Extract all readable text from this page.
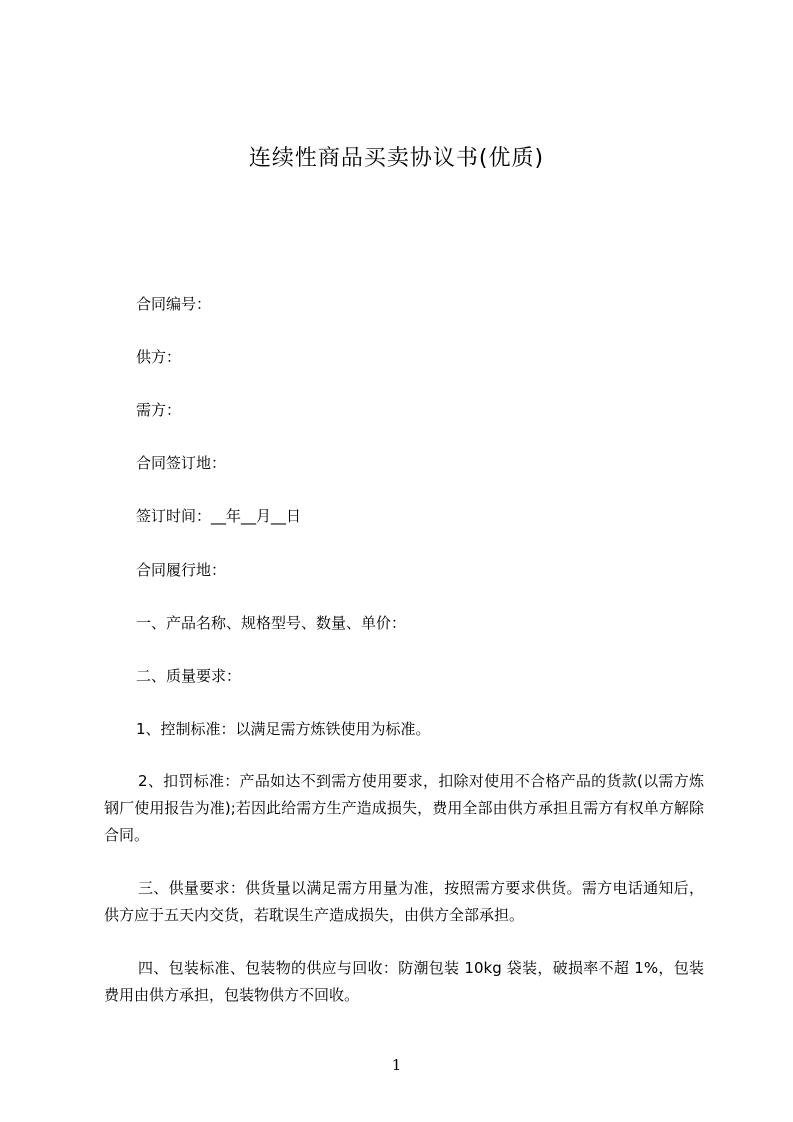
连续性商品买卖协议书(优质)
合同编号：
供方：
需方：
合同签订地：
签订时间：__年__月__日
合同履行地：
一、产品名称、规格型号、数量、单价：
二、质量要求：
1、控制标准：以满足需方炼铁使用为标准。
2、扣罚标准：产品如达不到需方使用要求，扣除对使用不合格产品的货款(以需方炼钢厂使用报告为准);若因此给需方生产造成损失，费用全部由供方承担且需方有权单方解除合同。
三、供量要求：供货量以满足需方用量为准，按照需方要求供货。需方电话通知后，供方应于五天内交货，若耽误生产造成损失，由供方全部承担。
四、包装标准、包装物的供应与回收：防潮包装 10kg 袋装，破损率不超 1%，包装费用由供方承担，包装物供方不回收。
1
